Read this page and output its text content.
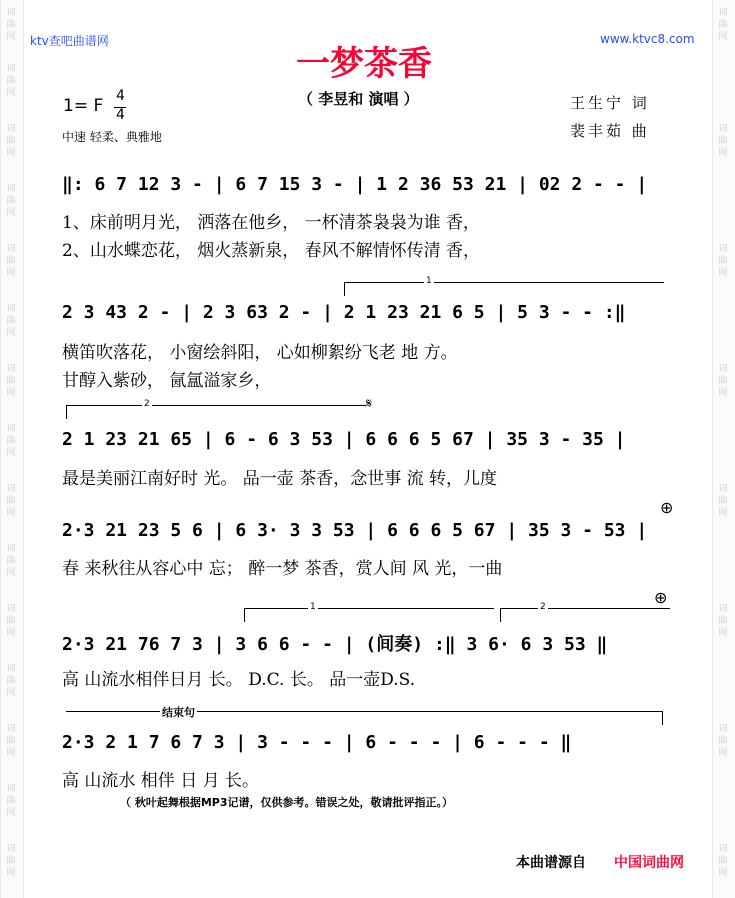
词
曲
网
词
曲
网
词
曲
网
词
曲
网
词
曲
网
词
曲
网
词
曲
网
词
曲
网
词
曲
网
词
曲
网
词
曲
网
词
曲
网
词
曲
网
词
曲
网
词
曲
网
词
曲
网
词
曲
网
词
曲
网
词
曲
网
词
曲
网
词
曲
网
词
曲
网
词
曲
网
ktv查吧曲谱网	www.ktvc8.com
一梦茶香
（ 李昱和 演唱 ）
1= F 4
4
中速 轻柔、典雅地
王生宁 词
裴丰茹 曲
‖: 6 7 12 3 - | 6 7 15 3 - | 1 2 36 53 21 | 02 2 - - |
1、床前明月光， 洒落在他乡， 一杯清茶袅袅为谁 香，
2、山水蝶恋花， 烟火蒸新泉， 春风不解情怀传清 香，
1
2 3 43 2 - | 2 3 63 2 - | 2 1 23 21 6 5 | 5 3 - - :‖
横笛吹落花， 小窗绘斜阳， 心如柳絮纷飞老 地 方。
甘醇入紫砂， 氤氲溢家乡，
2	𝄋
2 1 23 21 65 | 6 - 6 3 53 | 6 6 6 5 67 | 35 3 - 35 |
最是美丽江南好时 光。 品一壶 茶香，念世事 流 转，儿度
⊕
2·3 21 23 5 6 | 6 3· 3 3 53 | 6 6 6 5 67 | 35 3 - 53 |
春 来秋往从容心中 忘； 醉一梦 茶香，赏人间 风 光，一曲
⊕
1	2
2·3 21 76 7 3 | 3 6 6 - - | (间奏) :‖ 3 6· 6 3 53 ‖
高 山流水相伴日月 长。 D.C. 长。 品一壶D.S.
结束句
2·3 2 1 7 6 7 3 | 3 - - - | 6 - - - | 6 - - - ‖
高 山流水 相伴 日 月 长。
（ 秋叶起舞根据MP3记谱，仅供参考。错误之处，敬请批评指正。）
本曲谱源自 中国词曲网
